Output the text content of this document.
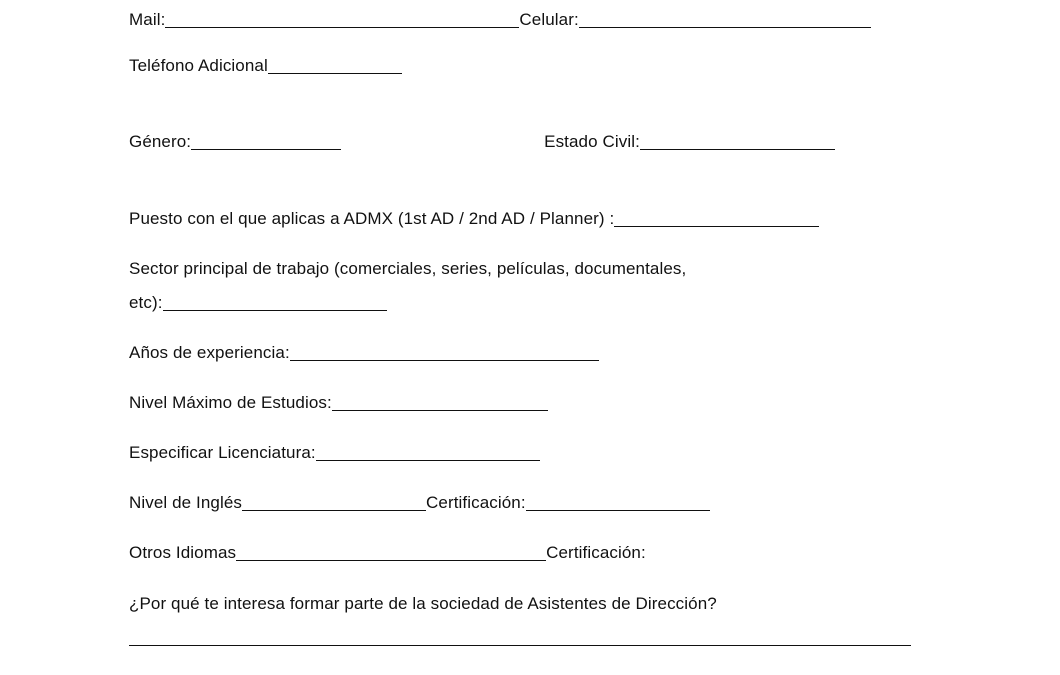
Mail:	Celular:
Teléfono Adicional
Género:	Estado Civil:
Puesto con el que aplicas a ADMX (1st AD / 2nd AD / Planner) :
Sector principal de trabajo (comerciales, series, películas, documentales,
etc):
Años de experiencia:
Nivel Máximo de Estudios:
Especificar Licenciatura:
Nivel de Inglés	Certificación:
Otros Idiomas	Certificación:
¿Por qué te interesa formar parte de la sociedad de Asistentes de Dirección?
